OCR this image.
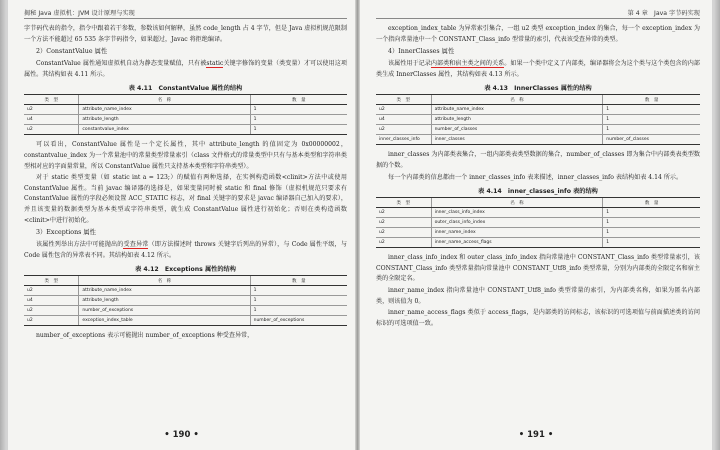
揭秘 Java 虚拟机：JVM 设计原理与实现

字节码代表的指令，指令中跟着若干参数，参数该如何解释，虽然 code_length 占 4 字节，但是 Java 虚拟机规范限制一个方法不能超过 65 535 条字节码指令，如果超过，Javac 将拒绝编译。

2）ConstantValue 属性

ConstantValue 属性通知虚拟机自动为静态变量赋值，只有被static关键字修饰的变量（类变量）才可以使用这项属性。其结构如表 4.11 所示。

表 4.11　ConstantValue 属性的结构
类　型	名　称	数　量
u2	attribute_name_index	1
u4	attribute_length	1
u2	constantvalue_index	1

可以看出，ConstantValue 属性是一个定长属性，其中 attribute_length 的值固定为 0x00000002，constantvalue_index 为一个常量池中的常量类型常量索引（class 文件格式的常量类型中只有与基本类型和字符串类型相对应的字面量常量，所以 ConstantValue 属性只支持基本类型和字符串类型）。

对于 static 类型变量（如 static int a = 123;）的赋值有两种选择，在实例构造函数<clinit>方法中或使用 ConstantValue 属性。当前 javac 编译器的选择是，如果变量同时被 static 和 final 修饰（虚拟机规范只要求有 ConstantValue 属性的字段必须设置 ACC_STATIC 标志，对 final 关键字的要求是 javac 编译器自己加入的要求），并且该变量的数据类型为基本类型或字符串类型，就生成 ConstantValue 属性进行初始化；否则在类构造函数<clinit>中进行初始化。

3）Exceptions 属性

该属性列举出方法中可能抛出的受查异常（即方法描述时 throws 关键字后列出的异常），与 Code 属性平级，与 Code 属性包含的异常表不同。其结构如表 4.12 所示。

表 4.12　Exceptions 属性的结构
类　型	名　称	数　量
u2	attribute_name_index	1
u4	attribute_length	1
u2	number_of_exceptions	1
u2	exception_index_table	number_of_exceptions

number_of_exceptions 表示可能抛出 number_of_exceptions 种受查异常，

• 190 •
第 4 章　Java 字节码实现

exception_index_table 为异常索引集合，一组 u2 类型 exception_index 的集合，每一个 exception_index 为一个指向常量池中一个 CONSTANT_Class_info 型常量的索引，代表该受查异常的类型。

4）InnerClasses 属性

该属性用于记录内部类和宿主类之间的关系。如果一个类中定义了内部类，编译器将会为这个类与这个类包含的内部类生成 InnerClasses 属性，其结构如表 4.13 所示。

表 4.13　InnerClasses 属性的结构
类　型	名　称	数　量
u2	attribute_name_index	1
u4	attribute_length	1
u2	number_of_classes	1
inner_classes_info	inner_classes	number_of_classes

inner_classes 为内部类表集合，一组内部类表类型数据的集合，number_of_classes 即为集合中内部类表类型数据的个数。

每一个内部类的信息都由一个 inner_classes_info 表来描述，inner_classes_info 表结构如表 4.14 所示。

表 4.14　inner_classes_info 表的结构
类　型	名　称	数　量
u2	inner_class_info_index	1
u2	outer_class_info_index	1
u2	inner_name_index	1
u2	inner_name_access_flags	1

inner_class_info_index 和 outer_class_info_index 指向常量池中 CONSTANT_Class_info 类型常量索引，该 CONSTANT_Class_info 类型常量指向常量池中 CONSTANT_Utf8_info 类型常量，分别为内部类的全限定名和宿主类的全限定名。

inner_name_index 指向常量池中 CONSTANT_Utf8_info 类型常量的索引，为内部类名称，如果为匿名内部类，则该值为 0。

inner_name_access_flags 类似于 access_flags，是内部类的访问标志，该标识的可选项值与前面描述类的访问标识的可选项值一致。

• 191 •
